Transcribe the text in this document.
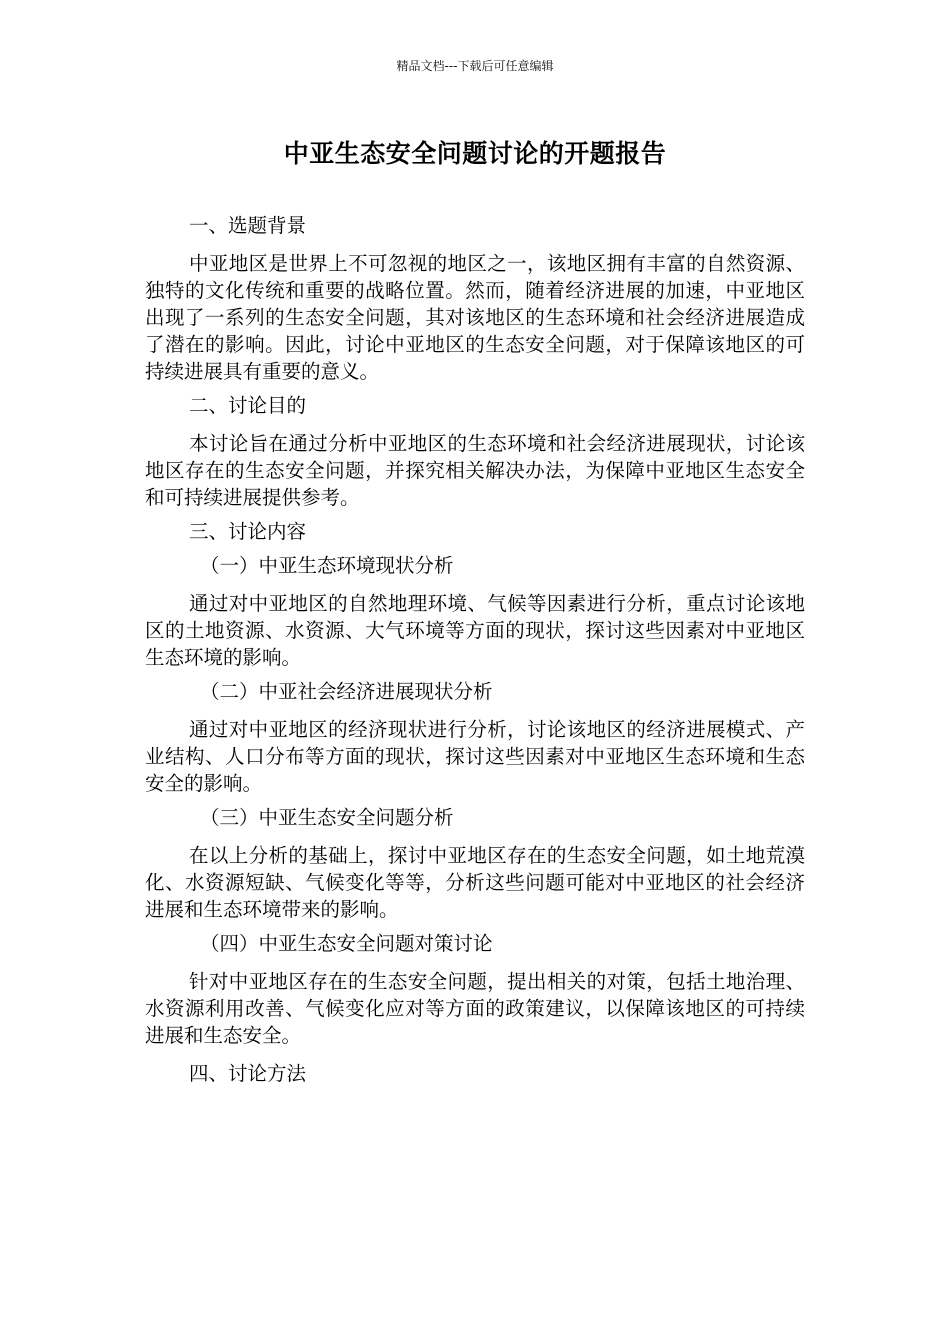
精品文档---下载后可任意编辑
中亚生态安全问题讨论的开题报告

一、选题背景

中亚地区是世界上不可忽视的地区之一，该地区拥有丰富的自然资源、独特的文化传统和重要的战略位置。然而，随着经济进展的加速，中亚地区出现了一系列的生态安全问题，其对该地区的生态环境和社会经济进展造成了潜在的影响。因此，讨论中亚地区的生态安全问题，对于保障该地区的可持续进展具有重要的意义。

二、讨论目的

本讨论旨在通过分析中亚地区的生态环境和社会经济进展现状，讨论该地区存在的生态安全问题，并探究相关解决办法，为保障中亚地区生态安全和可持续进展提供参考。

三、讨论内容

（一）中亚生态环境现状分析

通过对中亚地区的自然地理环境、气候等因素进行分析，重点讨论该地区的土地资源、水资源、大气环境等方面的现状，探讨这些因素对中亚地区生态环境的影响。

（二）中亚社会经济进展现状分析

通过对中亚地区的经济现状进行分析，讨论该地区的经济进展模式、产业结构、人口分布等方面的现状，探讨这些因素对中亚地区生态环境和生态安全的影响。

（三）中亚生态安全问题分析

在以上分析的基础上，探讨中亚地区存在的生态安全问题，如土地荒漠化、水资源短缺、气候变化等等，分析这些问题可能对中亚地区的社会经济进展和生态环境带来的影响。

（四）中亚生态安全问题对策讨论

针对中亚地区存在的生态安全问题，提出相关的对策，包括土地治理、水资源利用改善、气候变化应对等方面的政策建议，以保障该地区的可持续进展和生态安全。

四、讨论方法
